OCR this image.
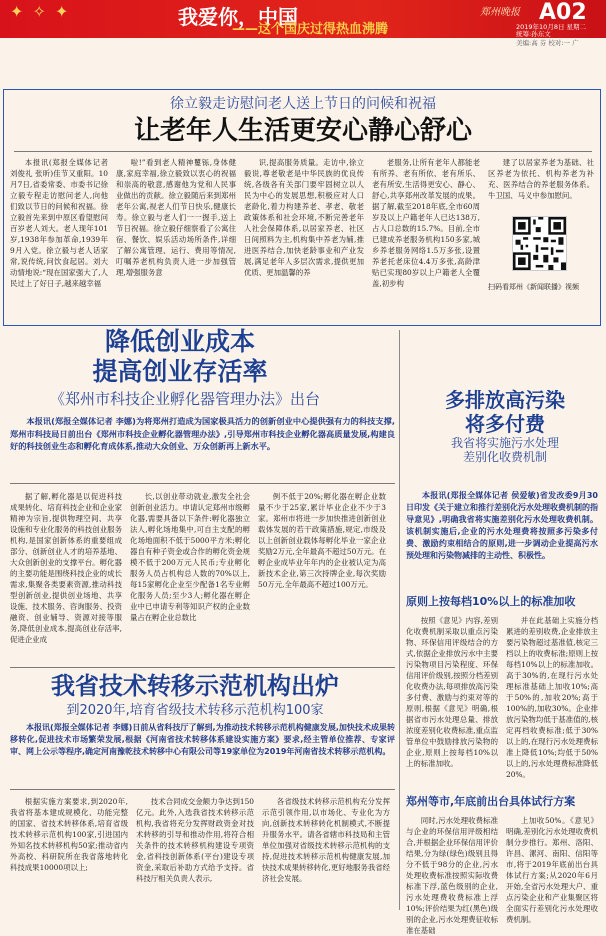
✦ ✧ ✦	我爱你，中国
——这个国庆过得热血沸腾
郑州晚报 A02
2019年10月8日 星期二
统筹:孙东文
美编:高 芬 校对:一 广
徐立毅走访慰问老人送上节日的问候和祝福
让老年人生活更安心静心舒心

本报讯(郑报全媒体记者刘俊礼 张昕)佳节又重阳。10月7日,省委常委、市委书记徐立毅专程走访慰问老人,向他们致以节日的问候和祝福。徐立毅首先来到中原区看望慰问百岁老人刘大。老人现年101岁,1938年参加革命,1939年9月入党。徐立毅与老人话家常,说传统,问饮食起居。刘大动情地说:“现在国家强大了,人民过上了好日子,越来越幸福

啦!”看到老人精神矍铄,身体健康,家庭幸福,徐立毅致以衷心的祝福和崇高的敬意,感谢他为党和人民事业做出的贡献。徐立毅随后来到郑州老年公寓,视老人们节日快乐,健康长寿。徐立毅与老人们一一握手,送上节日祝福。徐立毅仔细察看了公寓住宿、餐饮、娱乐活动场所条件,详细了解公寓管理、运行、费用等情况,叮嘱养老机构负责人进一步加强管理,增强服务意

识,提高服务质量。走访中,徐立毅说,尊老敬老是中华民族的优良传统,各级各有关部门要牢固树立以人民为中心的发展思想,积极应对人口老龄化,着力构建养老、孝老、敬老政策体系和社会环境,不断完善老年人社会保障体系,以居家养老、社区日间照料为主,机构集中养老为辅,推进医养结合,加快老龄事业和产业发展,满足老年人多层次需求,提供更加优质、更加温馨的养

老服务,让所有老年人都能老有所养、老有所依、老有所乐、老有所安,生活得更安心、静心、舒心,共享郑州改革发展的成果。据了解,截至2018年底,全市60周岁及以上户籍老年人已达138万,占人口总数的15.7%。目前,全市已建成养老服务机构150多家,城乡养老服务网络1.5万多张,设置养老托老床位4.4万多张,高龄津贴已实现80岁以上户籍老人全覆盖,初步构

建了以居家养老为基础、社区养老为依托、机构养老为补充、医养结合的养老服务体系。牛卫国、马义中参加慰问。

扫码看郑州《新闻联播》视频
降低创业成本
提高创业存活率
《郑州市科技企业孵化器管理办法》出台

本报讯(郑报全媒体记者 李娜)为将郑州打造成为国家极具活力的创新创业中心提供强有力的科技支撑,郑州市科技局日前出台《郑州市科技企业孵化器管理办法》,引导郑州市科技企业孵化器高质量发展,构建良好的科技创业生态和孵化育成体系,推动大众创业、万众创新再上新水平。

据了解,孵化器是以促进科技成果转化、培育科技企业和企业家精神为宗旨,提供物理空间、共享设施和专业化服务的科技创业服务机构,是国家创新体系的重要组成部分、创新创业人才的培养基地、大众创新创业的支撑平台。孵化器的主要功能是围绕科技企业的成长需求,集聚各类要素资源,推动科技型创新创业,提供创业场地、共享设施、技术服务、咨询服务、投资融资、创业辅导、资源对接等服务,降低创业成本,提高创业存活率,促进企业成

长,以创业带动就业,激发全社会创新创业活力。申请认定郑州市级孵化器,需要具备以下条件:孵化器独立法人,孵化场地集中,可自主支配的孵化场地面积不低于5000平方米;孵化器自有种子资金或合作的孵化资金规模不低于200万元人民币;专业孵化服务人员占机构总人数的70%以上,每15家孵化企业至少配备1名专业孵化服务人员;至少3人;孵化器在孵企业中已申请专利等知识产权的企业数量占在孵企业总数比

例不低于20%;孵化器在孵企业数量不少于25家,累计毕业企业不少于3家。郑州市将进一步加快推进创新创业载体发展的若干政策措施,规定,市级及以上创新创业载体每孵化毕业一家企业奖励2万元,全年最高不超过50万元。在孵企业成毕业年年内的企业被认定为高新技术企业,第三次持牌企业,每次奖励50万元,全年最高不超过100万元。

多排放高污染
将多付费
我省将实施污水处理
差别化收费机制

本报讯(郑报全媒体记者 侯爱敏)省发改委9月30日印发《关于建立和推行差别化污水处理收费机制的指导意见》,明确我省将实施差别化污水处理收费机制。该机制实施后,企业的污水处理费将按照多污染多付费、激励约束相结合的原则,进一步调动企业提高污水预处理和污染物减排的主动性、积极性。

原则上按每档10%以上的标准加收

按照《意见》内容,差别化收费机制采取以重点污染物、环保信用评级结合的方式,依据企业排放污水中主要污染物项目污染程度、环保信用评价级别,按照分档差别化收费办法,每项排放高污染多付费、激励与约束对等的原则,根据《意见》明确,根据省市污水处理总量、排放浓度差别化收费标准,重点监管单位中鼓励排放污染物的企业,原则上按每档10%以上的标准加收。

并在此基础上实施分档累进的差别收费,企业排放主要污染物超过基准值,核定三档以上的收费标准;原则上按每档10%以上的标准加收。高于30%的,在现行污水处理标准基础上加收10%;高于50%的,加收20%;高于100%的,加收30%。企业排放污染物均低于基准值的,核定再档收费标准;低于30%以上的,在现行污水处理费标准上降低10%;均低于50%以上的,污水处理费标准降低20%。

郑州等市,年底前出台具体试行方案

同时,污水处理收费标准与企业的环保信用评级相结合,并根据企业环保信用评价结果,分为绿(绿色)级别且得分不低于98分的企业,污水处理收费标准按照实际收费标准下浮,蓝色级别的企业,污水处理费收费标准上浮10%;评价结果为红(黑色)级别的企业,污水处理费征收标准在基础

上加收50%。《意见》明确,差别化污水处理收费机制分步推行。郑州、洛阳、许昌、漯河、南阳、信阳等市,将于2019年底前出台具体试行方案;从2020年6月开始,全省污水处理大户、重点污染企业和产业集聚区将全面实行差别化污水处理收费机制。

我省技术转移示范机构出炉
到2020年,培育省级技术转移示范机构100家

本报讯(郑报全媒体记者 李娜)日前从省科技厅了解到,为推动技术转移示范机构健康发展,加快技术成果转移转化,促进技术市场繁荣发展,根据《河南省技术转移体系建设实施方案》要求,经主管单位推荐、专家评审、网上公示等程序,确定河南豫乾技术转移中心有限公司等19家单位为2019年河南省技术转移示范机构。

根据实施方案要求,到2020年,我省将基本建成规模化、功能完整的国家、省技术转移体系,培育省级技术转移示范机构100家,引进国内外知名技术转移机构50家;推动省内外高校、科研院所在我省落地转化科技成果10000项以上;

技术合同成交金额力争达到150亿元。此外,入选我省技术转移示范机构,我省将充分发挥财政资金对技术转移的引导和推动作用,将符合相关条件的技术转移机构建设专项资金,省科技创新体系(平台)建设专项资金,采取后补助方式给予支持。省科技厅相关负责人表示,

各省级技术转移示范机构充分发挥示范引领作用,以市场化、专业化为方向,创新技术转移转化机制模式,不断提升服务水平。请各省辖市科技局和主管单位加强对省级技术转移示范机构的支持,促进技术转移示范机构健康发展,加快技术成果转移转化,更好地服务我省经济社会发展。
